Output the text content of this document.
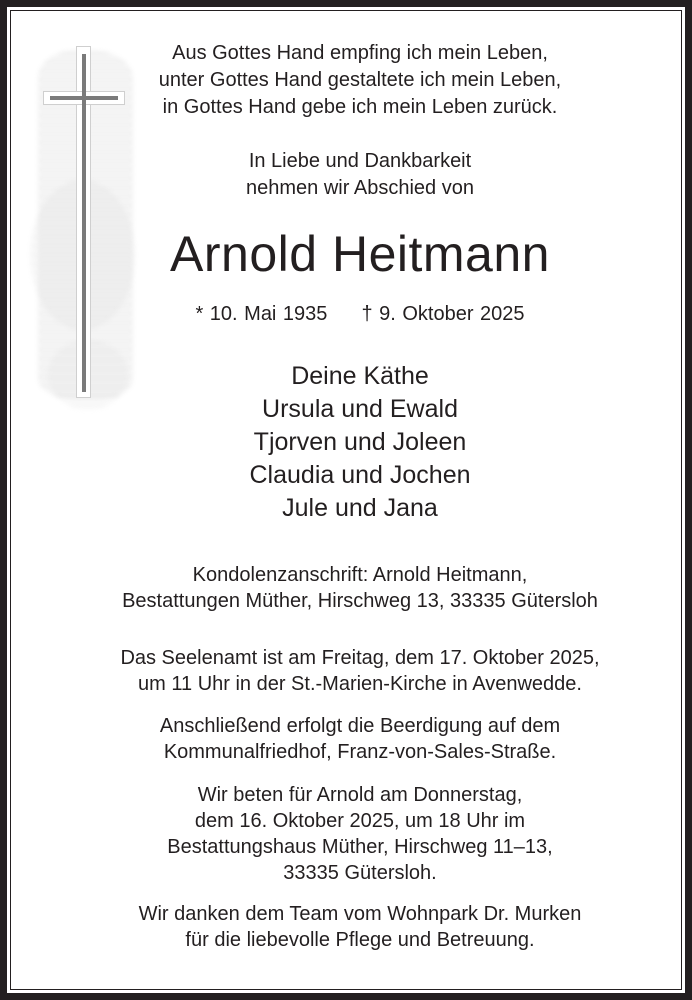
Aus Gottes Hand empfing ich mein Leben,
unter Gottes Hand gestaltete ich mein Leben,
in Gottes Hand gebe ich mein Leben zurück.
In Liebe und Dankbarkeit
nehmen wir Abschied von
Arnold Heitmann
* 10. Mai 1935 † 9. Oktober 2025
Deine Käthe
Ursula und Ewald
Tjorven und Joleen
Claudia und Jochen
Jule und Jana
Kondolenzanschrift: Arnold Heitmann,
Bestattungen Müther, Hirschweg 13, 33335 Gütersloh
Das Seelenamt ist am Freitag, dem 17. Oktober 2025,
um 11 Uhr in der St.-Marien-Kirche in Avenwedde.
Anschließend erfolgt die Beerdigung auf dem
Kommunalfriedhof, Franz-von-Sales-Straße.
Wir beten für Arnold am Donnerstag,
dem 16. Oktober 2025, um 18 Uhr im
Bestattungshaus Müther, Hirschweg 11–13,
33335 Gütersloh.
Wir danken dem Team vom Wohnpark Dr. Murken
für die liebevolle Pflege und Betreuung.
